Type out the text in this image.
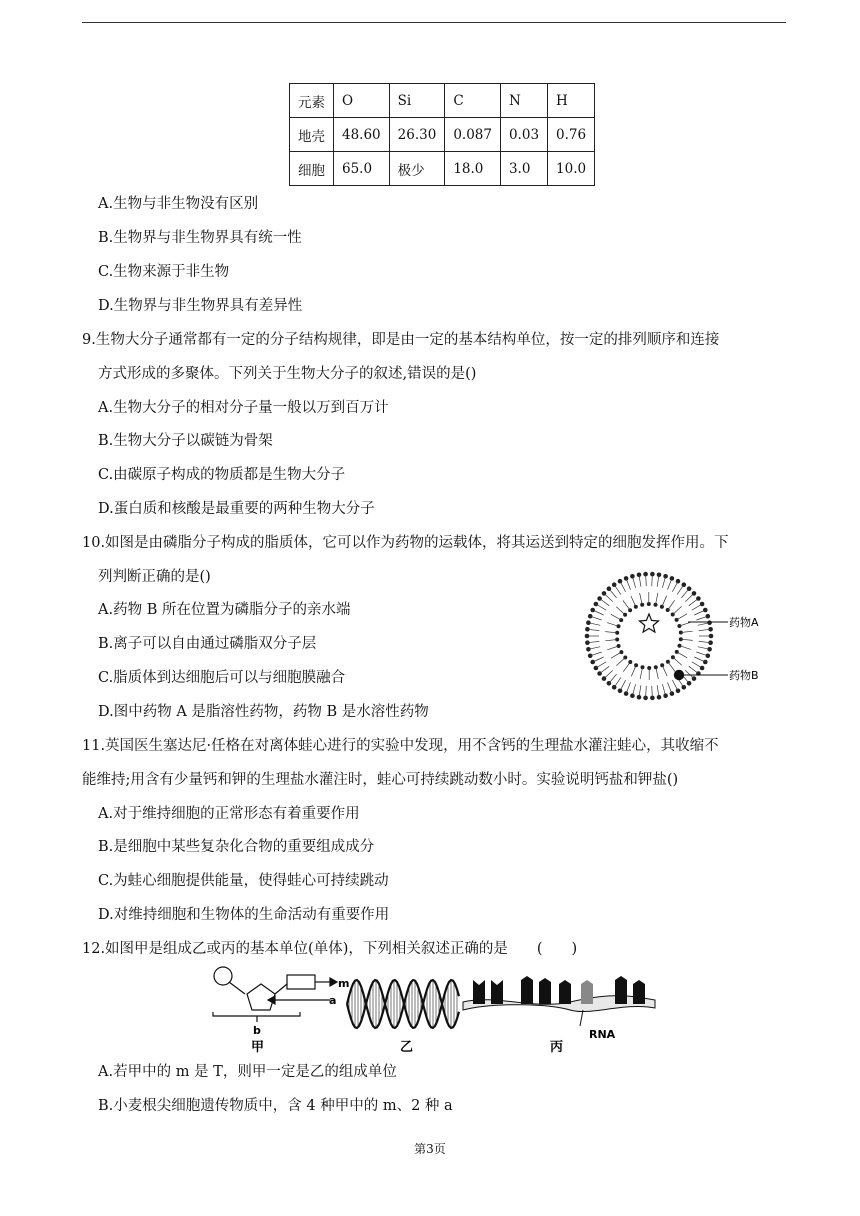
元素	O	Si	C	N	H
地壳	48.60	26.30	0.087	0.03	0.76
细胞	65.0	极少	18.0	3.0	10.0
A.生物与非生物没有区别
B.生物界与非生物界具有统一性
C.生物来源于非生物
D.生物界与非生物界具有差异性
9.生物大分子通常都有一定的分子结构规律，即是由一定的基本结构单位，按一定的排列顺序和连接
方式形成的多聚体。下列关于生物大分子的叙述,错误的是()
A.生物大分子的相对分子量一般以万到百万计
B.生物大分子以碳链为骨架
C.由碳原子构成的物质都是生物大分子
D.蛋白质和核酸是最重要的两种生物大分子
10.如图是由磷脂分子构成的脂质体，它可以作为药物的运载体，将其运送到特定的细胞发挥作用。下
列判断正确的是()
A.药物 B 所在位置为磷脂分子的亲水端
B.离子可以自由通过磷脂双分子层
C.脂质体到达细胞后可以与细胞膜融合
D.图中药物 A 是脂溶性药物，药物 B 是水溶性药物
药物A
药物B
11.英国医生塞达尼·任格在对离体蛙心进行的实验中发现，用不含钙的生理盐水灌注蛙心，其收缩不
能维持;用含有少量钙和钾的生理盐水灌注时，蛙心可持续跳动数小时。实验说明钙盐和钾盐()
A.对于维持细胞的正常形态有着重要作用
B.是细胞中某些复杂化合物的重要组成成分
C.为蛙心细胞提供能量，使得蛙心可持续跳动
D.对维持细胞和生物体的生命活动有重要作用
12.如图甲是组成乙或丙的基本单位(单体)，下列相关叙述正确的是　　(　　)
m
a
b
甲	乙
RNA
丙
A.若甲中的 m 是 T，则甲一定是乙的组成单位
B.小麦根尖细胞遗传物质中，含 4 种甲中的 m、2 种 a
第3页
